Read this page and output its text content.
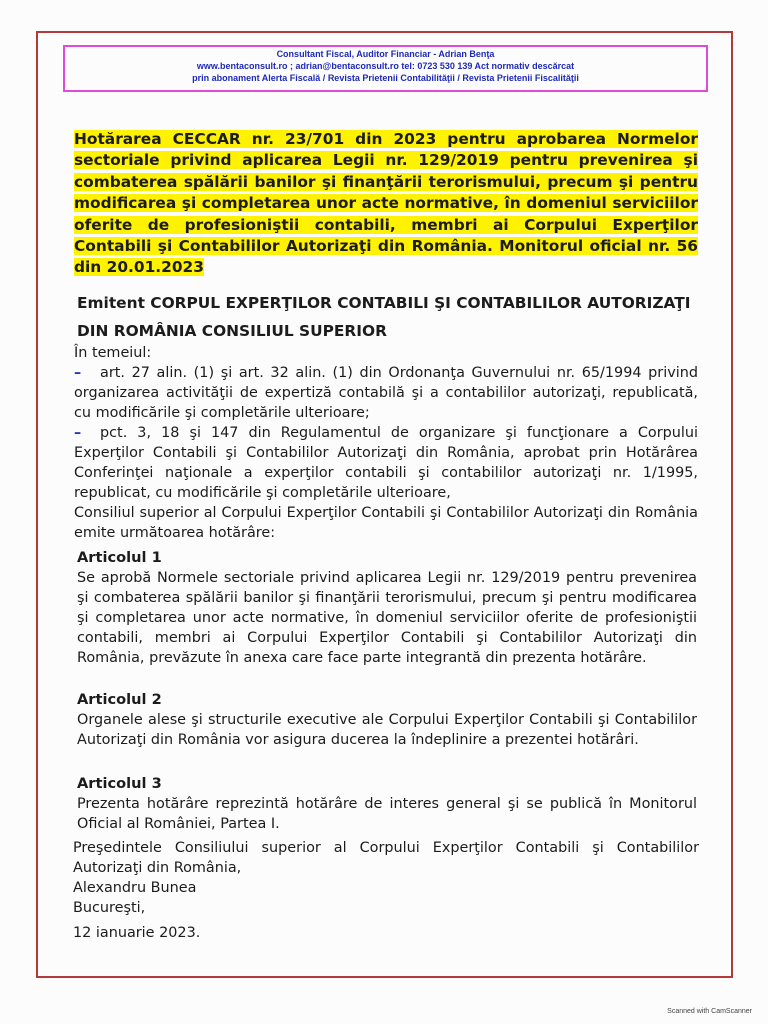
Consultant Fiscal, Auditor Financiar - Adrian Benţa
www.bentaconsult.ro ; adrian@bentaconsult.ro tel: 0723 530 139 Act normativ descărcat
prin abonament Alerta Fiscală / Revista Prietenii Contabilităţii / Revista Prietenii Fiscalităţii
Hotărarea CECCAR nr. 23/701 din 2023 pentru aprobarea Normelor sectoriale privind aplicarea Legii nr. 129/2019 pentru prevenirea şi combaterea spălării banilor şi finanţării terorismului, precum şi pentru modificarea şi completarea unor acte normative, în domeniul serviciilor oferite de profesioniştii contabili, membri ai Corpului Experţilor Contabili şi Contabililor Autorizaţi din România. Monitorul oficial nr. 56 din 20.01.2023
Emitent CORPUL EXPERŢILOR CONTABILI ŞI CONTABILILOR AUTORIZAŢI DIN ROMÂNIA CONSILIUL SUPERIOR
În temeiul:
– art. 27 alin. (1) şi art. 32 alin. (1) din Ordonanţa Guvernului nr. 65/1994 privind organizarea activităţii de expertiză contabilă şi a contabililor autorizaţi, republicată, cu modificările şi completările ulterioare;
– pct. 3, 18 şi 147 din Regulamentul de organizare şi funcţionare a Corpului Experţilor Contabili şi Contabililor Autorizaţi din România, aprobat prin Hotărârea Conferinţei naţionale a experţilor contabili şi contabililor autorizaţi nr. 1/1995, republicat, cu modificările şi completările ulterioare,
Consiliul superior al Corpului Experţilor Contabili şi Contabililor Autorizaţi din România emite următoarea hotărâre:
Articolul 1
Se aprobă Normele sectoriale privind aplicarea Legii nr. 129/2019 pentru prevenirea şi combaterea spălării banilor şi finanţării terorismului, precum şi pentru modificarea şi completarea unor acte normative, în domeniul serviciilor oferite de profesioniştii contabili, membri ai Corpului Experţilor Contabili şi Contabililor Autorizaţi din România, prevăzute în anexa care face parte integrantă din prezenta hotărâre.
Articolul 2
Organele alese şi structurile executive ale Corpului Experţilor Contabili şi Contabililor Autorizaţi din România vor asigura ducerea la îndeplinire a prezentei hotărâri.
Articolul 3
Prezenta hotărâre reprezintă hotărâre de interes general şi se publică în Monitorul Oficial al României, Partea I.
Preşedintele Consiliului superior al Corpului Experţilor Contabili şi Contabililor Autorizaţi din România,
Alexandru Bunea
Bucureşti,
12 ianuarie 2023.
Scanned with CamScanner
